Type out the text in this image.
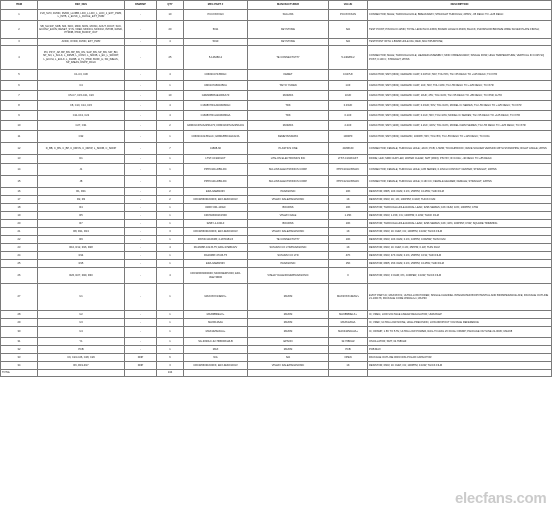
ITEM	REF_DES	DNI/DNP	QTY	MFG PART #	MANUFACTURER	VALUE	DESCRIPTION
1	1V8_SVO, DVDD, DVDD_LLOBB, LDO_L,LDO_L_LDO_1_EXT_PWR, L_INTB, L_ECVK_L_DAYLE_EXT_PWR	-	10	PCCXXXXAN	SULLINS	PCCXXXXAN	CONNECTOR; MALE; THROUGH HOLE; BREAKAWAY; STRAIGHT THROUGH; 2PINS; -65 DEGC TO +125 DEGC
2	SB_SH,SIP_SDB, SDI, SDO, MDD, MON, MONC, AOUT, DOUT, SCK, ECONV_ECNV, RESET_SYN, VREF, MONO1, MONO2, INTOB, RAND, PTRNB, PWR_BUFFP_OUT	-	20	5011	KEYSTONE	N/A	TEST POINT; PIN DIA=0.125IN; TOTAL LENGTH=0.445IN; BOARD HOLE=0.063IN; BLACK; PHOSPHOR BRONZE WIRE SILVER PLATE FINISH;
3	AVDD, OVDD, DVDD, EXT_PWR	-	4	5010	KEYSTONE	N/A	TESTPOINT WITH 1.80MM HOLE DIA; RED, MULTIPURPOSE;
4	PN, PP, P_AP, BP_BN, BP_BN_ON, SAP_BN, SP_BN, SIP_BN, SP_SN, L_SCLK, L_DRVB, L_CONV, L_SDOB, L_EC_L_SDORT, L_ECVH, L_ECLK, L_DHNB, H_TL_PWR, BUFF_H, SN_IMEAS, SP_IMEAS, DNPP_RCLK	-	25	5-146280-2	TE CONNECTIVITY	5-146280-2	CONNECTOR; MALE; THROUGH HOLE; HEADER ASSEMBLY; MOD II BREAKAWAY; SINGLE ROW; HIGH TEMPERATURE; VERTICAL IN 0.025 SQ POST; 0.100 C; STRAIGHT; 2PINS
5	C1-C3, C30	-	4	C0603C473J5RAC	KEMET	0.047UF	CAPACITOR; SMT (0603); CERAMIC CHIP; 0.047UF; 50V; TOL=5%; TG=-55 DEGC TO +125 DEGC; TC=X7R
6	C4	-	1	UMK107ABJ105KA	TAIYO YUDEN	1UF	CAPACITOR; SMT (0603); CERAMIC CHIP; 1UF; 50V; TOL=10%; TG=-55 DEGC TO +125 DEGC; TC=X7R
7	C5-C7, C15-C21, C23	-	10	GRM188R61E106KA73	MURATA	10UF	CAPACITOR; SMT (0603); CERAMIC CHIP; 10UF; 25V; TOL=10%; TG=-55 DEGC TO +85 DEGC; TC=X5R; AUTO
8	C8, C10, C14, C15	-	4	C1608X7R1H334K080AC	TDK	0.33UF	CAPACITOR; SMT (0603); CERAMIC CHIP; 0.33UF; 50V; TOL=10%; MODEL=C SERIES; TG=-55 DEGC TO +125 DEGC; TC=X7R
9	C11-C13, C22	-	4	C1608X7R1H104K080AA	TDK	0.1UF	CAPACITOR; SMT (0603); CERAMIC CHIP; 0.1UF; 50V; TOL=10%; MODEL=C SERIES; TG=-55 DEGC TO +125 DEGC; TC=X7R
10	C27, C31	-	2	GRM31CR72A225KA73; KRM31KR72A225KA01	MURATA	2.2UF	CAPACITOR; SMT (1206); CERAMIC CHIP; 2.2UF; 100V; TOL=10%; MODEL=GRM SERIES; TG=-55 DEGC TO +125 DEGC; TC=X7R
11	C32	-	1	C0603C102J5GAC; GRM1885C1H102JA	KEMET/MURATA	1000PF	CAPACITOR; SMT (0603); CERAMIC; 1000PF; 50V; TOL=5%; TG=-55 DEGC TO +125 DEGC; TC=C0G
12	D_BB, C_BN, C_BP, C_DRVN, C_DRVP, L_SDOB, C_SDOP	-	7	41808-60	PLASTICS ONE	41808-60	CONNECTOR; FEMALE; THROUGH HOLE; JACK; PCB; 1.5MM; TOUCHPROOF; WAVE SOLDER VERSION WITH STANDPIPE; RIGHT ANGLE; 2PINS
13	D1	-	1	LTST-C194KGKT	LITE-ON ELECTRONICS INC	LTST-C194KGKT	DIODE; LED; SMD CHIP LED; WATER CLEAR; SMT (0603); PIV=5V; IF=0.02A; -40 DEGC TO +85 DEGC
14	J1	-	1	PPPC101LFBN-RC	SULLINS ELECTRONICS CORP.	PPPC101LFBN-RC	CONNECTOR; FEMALE; THROUGH HOLE; LFB SERIES; 0.1INCH CONTACT CENTER; STRAIGHT; 10PINS
15	J8	-	1	PPPC121LFBN-RC	SULLINS ELECTRONICS CORP.	PPPC121LFBN-RC	CONNECTOR; FEMALE; THROUGH HOLE; 0.1IN CC; FEMALE HEADER; FEMALE; STRAIGHT; 12PINS
16	R1, R31	-	2	ERA-6AEB103V	PANASONIC	10K	RESISTOR; 0805; 10K OHM; 0.1%; 25PPM; 0.125W; THIN FILM
17	R2, R3	-	2	CRCW06031K00FK; ERJ-3EKF1001V	VISHAY DALE/PANASONIC	1K	RESISTOR; 0603; 1K; 1%; 100PPM; 0.10W; THICK FILM
18	R4	-	1	3296Y-001-103LF	BOURNS	10K	RESISTOR; THROUGH-HOLE-RADIAL LEAD; 3296 SERIES; 10K OHM; 10%; 100PPM; 0.5W
19	R5	-	1	CRCW06031K15FK	VISHAY DALE	1.15K	RESISTOR; 0603; 1.15K; 1%; 100PPM; 0.10W; THICK FILM
20	R7	-	1	3296Y-1-103LF	BOURNS	10K	RESISTOR; THROUGH-HOLE-RADIAL LEAD; 3296 SERIES; 10K; 10%; 100PPM; 0.5W; SQUARE TRIMMING
21	R8, R11, R13	-	3	CRCW06031K00FK; ERJ-3EKF1001V	VISHAY DALE/PANASONIC	1K	RESISTOR; 0603; 1K OHM; 1%; 100PPM; 0.10W; THICK FILM
22	R9	-	1	RN73C1J10K0B; 4-1879181-5	TE CONNECTIVITY	10K	RESISTOR; 0603; 10K OHM; 0.1%; 10PPM; 0.0625W; THIN FILM
23	R10, R12, R16, R28	-	4	RG1608P-102-B-T5; ERA-3YEB102V	SUSUMU CO LTD/PANASONIC	1K	RESISTOR; 0603; 1K OHM; 0.1%; 25PPM; 0.1W; THIN FILM
24	R14	-	1	RG1608P-473-B-T5	SUSUMU CO LTD	47K	RESISTOR; 0603; 47K OHM; 0.1%; 25PPM; 0.1W; THIN FILM
25	R15	-	1	ERA-6AEB153V	PANASONIC	15K	RESISTOR; 0805; 15K OHM; 0.1%; 25PPM; 0.125W; THIN FILM
26	R26, R27, R29, R30	-	4	CRCW06030000Z0; MCR03EZPJ000; ERJ-3GEY0R00	VISHAY DALE/ROHM/PANASONIC	0	RESISTOR; 0603; 0 OHM; 0%; JUMPER; 0.10W; THICK FILM
27	U1	-	1	MAX3XXX13ENV+	MAXIM	MAX3XXX13ENV+	EVKIT PART-IC; MAX3XXX1; ULTRA-LOW POWER, SINGLE-CHANNEL INTEGRATED BIOPOTENTIAL AND BIOIMPEDANCE AFE; PACKAGE OUTLINE 21-100176; PACKAGE CODE W302L2+1; WLP30
28	U2	-	1	MAX8880ELX+	MAXIM	MAX8880ELX+	IC; VREG; LOW-VOLTAGE LINEAR REGULATOR; UMAX8-EP
29	U3	-	1	MAX6126AA	MAXIM	MAX6126AA	IC; VREF; ULTRA-LOW-NOISE, HIGH-PRECISION, LOW-DROPOUT VOLTAGE REFERENCE
30	U4	-	1	MAX44252AUA+	MAXIM	MAX44252AUA+	IC; OPAMP; 1.8V TO 5.5V, ULTRA-LOW POWER, RAIL-TO-RAIL I/O DUAL OPAMP; PACKAGE OUTLINE 21-0036; UMAX8
31	Y1	-	1	SG-3030LC-32.768000KHZ-B	EPSON	32.768KHZ	OSCILLATOR; SMT; 32.768KHZ
32	PCB	-	1	MAX	MAXIM	PCB	PCB:MAX
33	C9, C24-C26, C28, C29	DNP	6	N/A	N/A	OPEN	PACKAGE OUTLINE 0603 NON-POLAR CAPACITOR
34	R6, R19-R17	DNP	3	CRCW06031K00FK; ERJ-3EKF1001V	VISHAY DALE/PANASONIC	1K	RESISTOR; 0603; 1K OHM; 1%; 100PPM; 0.10W; THICK FILM
TOTAL			134				
elecfans.com
